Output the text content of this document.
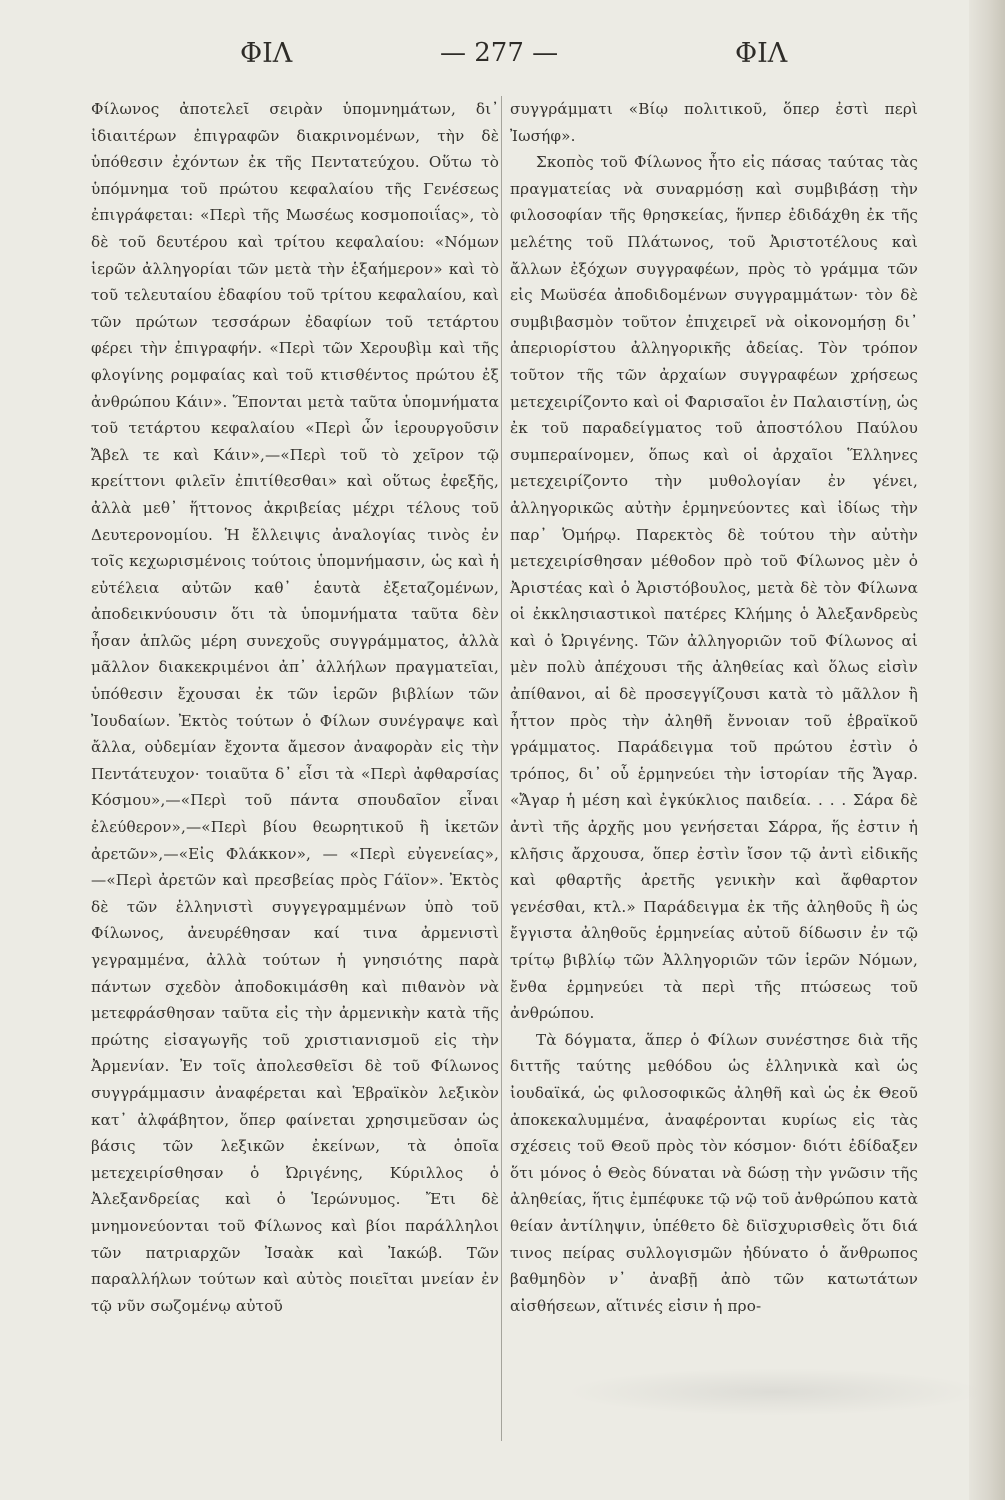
ΦΙΛ	— 277 —	ΦΙΛ

Φίλωνος ἀποτελεῖ σειρὰν ὑπομνημάτων, δι᾿ ἰδιαιτέρων ἐπιγραφῶν διακρινομένων, τὴν δὲ ὑπόθεσιν ἐχόντων ἐκ τῆς Πεντατεύχου. Οὕτω τὸ ὑπόμνημα τοῦ πρώτου κεφαλαίου τῆς Γενέσεως ἐπιγράφεται: «Περὶ τῆς Μωσέως κοσμοποιΐας», τὸ δὲ τοῦ δευτέρου καὶ τρίτου κεφαλαίου: «Νόμων ἱερῶν ἀλληγορίαι τῶν μετὰ τὴν ἑξαήμερον» καὶ τὸ τοῦ τελευταίου ἐδαφίου τοῦ τρίτου κεφαλαίου, καὶ τῶν πρώτων τεσσάρων ἐδαφίων τοῦ τετάρτου φέρει τὴν ἐπιγραφήν. «Περὶ τῶν Χερουβὶμ καὶ τῆς φλογίνης ρομφαίας καὶ τοῦ κτισθέντος πρώτου ἐξ ἀνθρώπου Κάιν». Ἕπονται μετὰ ταῦτα ὑπομνήματα τοῦ τετάρτου κεφαλαίου «Περὶ ὧν ἱερουργοῦσιν Ἄβελ τε καὶ Κάιν»,—«Περὶ τοῦ τὸ χεῖρον τῷ κρείττονι φιλεῖν ἐπιτίθεσθαι» καὶ οὕτως ἐφεξῆς, ἀλλὰ μεθ᾿ ἥττονος ἀκριβείας μέχρι τέλους τοῦ Δευτερονομίου. Ἡ ἔλλειψις ἀναλογίας τινὸς ἐν τοῖς κεχωρισμένοις τούτοις ὑπομνήμασιν, ὡς καὶ ἡ εὐτέλεια αὐτῶν καθ᾿ ἑαυτὰ ἐξεταζομένων, ἀποδεικνύουσιν ὅτι τὰ ὑπομνήματα ταῦτα δὲν ἦσαν ἁπλῶς μέρη συνεχοῦς συγγράμματος, ἀλλὰ μᾶλλον διακεκριμένοι ἀπ᾿ ἀλλήλων πραγματεῖαι, ὑπόθεσιν ἔχουσαι ἐκ τῶν ἱερῶν βιβλίων τῶν Ἰουδαίων. Ἐκτὸς τούτων ὁ Φίλων συνέγραψε καὶ ἄλλα, οὐδεμίαν ἔχοντα ἄμεσον ἀναφορὰν εἰς τὴν Πεντάτευχον· τοιαῦτα δ᾿ εἶσι τὰ «Περὶ ἀφθαρσίας Κόσμου»,—«Περὶ τοῦ πάντα σπουδαῖον εἶναι ἐλεύθερον»,—«Περὶ βίου θεωρητικοῦ ἢ ἱκετῶν ἀρετῶν»,—«Εἰς Φλάκκον», — «Περὶ εὐγενείας»,—«Περὶ ἀρετῶν καὶ πρεσβείας πρὸς Γάϊον». Ἐκτὸς δὲ τῶν ἑλληνιστὶ συγγεγραμμένων ὑπὸ τοῦ Φίλωνος, ἀνευρέθησαν καί τινα ἀρμενιστὶ γεγραμμένα, ἀλλὰ τούτων ἡ γνησιότης παρὰ πάντων σχεδὸν ἀποδοκιμάσθη καὶ πιθανὸν νὰ μετεφράσθησαν ταῦτα εἰς τὴν ἀρμενικὴν κατὰ τῆς πρώτης εἰσαγωγῆς τοῦ χριστιανισμοῦ εἰς τὴν Ἀρμενίαν. Ἐν τοῖς ἀπολεσθεῖσι δὲ τοῦ Φίλωνος συγγράμμασιν ἀναφέρεται καὶ Ἑβραϊκὸν λεξικὸν κατ᾿ ἀλφάβητον, ὅπερ φαίνεται χρησιμεῦσαν ὡς βάσις τῶν λεξικῶν ἐκείνων, τὰ ὁποῖα μετεχειρίσθησαν ὁ Ὠριγένης, Κύριλλος ὁ Ἀλεξανδρείας καὶ ὁ Ἱερώνυμος. Ἔτι δὲ μνημονεύονται τοῦ Φίλωνος καὶ βίοι παράλληλοι τῶν πατριαρχῶν Ἰσαὰκ καὶ Ἰακώβ. Τῶν παραλλήλων τούτων καὶ αὐτὸς ποιεῖται μνείαν ἐν τῷ νῦν σωζομένῳ αὐτοῦ

συγγράμματι «Βίῳ πολιτικοῦ, ὅπερ ἐστὶ περὶ Ἰωσήφ».

Σκοπὸς τοῦ Φίλωνος ἦτο εἰς πάσας ταύτας τὰς πραγματείας νὰ συναρμόσῃ καὶ συμβιβάσῃ τὴν φιλοσοφίαν τῆς θρησκείας, ἥνπερ ἐδιδάχθη ἐκ τῆς μελέτης τοῦ Πλάτωνος, τοῦ Ἀριστοτέλους καὶ ἄλλων ἐξόχων συγγραφέων, πρὸς τὸ γράμμα τῶν εἰς Μωϋσέα ἀποδιδομένων συγγραμμάτων· τὸν δὲ συμβιβασμὸν τοῦτον ἐπιχειρεῖ νὰ οἰκονομήσῃ δι᾿ ἀπεριορίστου ἀλληγορικῆς ἀδείας. Τὸν τρόπον τοῦτον τῆς τῶν ἀρχαίων συγγραφέων χρήσεως μετεχειρίζοντο καὶ οἱ Φαρισαῖοι ἐν Παλαιστίνῃ, ὡς ἐκ τοῦ παραδείγματος τοῦ ἀποστόλου Παύλου συμπεραίνομεν, ὅπως καὶ οἱ ἀρχαῖοι Ἕλληνες μετεχειρίζοντο τὴν μυθολογίαν ἐν γένει, ἀλληγορικῶς αὐτὴν ἑρμηνεύοντες καὶ ἰδίως τὴν παρ᾿ Ὁμήρῳ. Παρεκτὸς δὲ τούτου τὴν αὐτὴν μετεχειρίσθησαν μέθοδον πρὸ τοῦ Φίλωνος μὲν ὁ Ἀριστέας καὶ ὁ Ἀριστόβουλος, μετὰ δὲ τὸν Φίλωνα οἱ ἐκκλησιαστικοὶ πατέρες Κλήμης ὁ Ἀλεξανδρεὺς καὶ ὁ Ὠριγένης. Τῶν ἀλληγοριῶν τοῦ Φίλωνος αἱ μὲν πολὺ ἀπέχουσι τῆς ἀληθείας καὶ ὅλως εἰσὶν ἀπίθανοι, αἱ δὲ προσεγγίζουσι κατὰ τὸ μᾶλλον ἢ ἧττον πρὸς τὴν ἀληθῆ ἔννοιαν τοῦ ἑβραϊκοῦ γράμματος. Παράδειγμα τοῦ πρώτου ἐστὶν ὁ τρόπος, δι᾿ οὗ ἑρμηνεύει τὴν ἱστορίαν τῆς Ἄγαρ. «Ἄγαρ ἡ μέση καὶ ἐγκύκλιος παιδεία. . . . Σάρα δὲ ἀντὶ τῆς ἀρχῆς μου γενήσεται Σάρρα, ἥς ἐστιν ἡ κλῆσις ἄρχουσα, ὅπερ ἐστὶν ἴσον τῷ ἀντὶ εἰδικῆς καὶ φθαρτῆς ἀρετῆς γενικὴν καὶ ἄφθαρτον γενέσθαι, κτλ.» Παράδειγμα ἐκ τῆς ἀληθοῦς ἢ ὡς ἔγγιστα ἀληθοῦς ἑρμηνείας αὐτοῦ δίδωσιν ἐν τῷ τρίτῳ βιβλίῳ τῶν Ἀλληγοριῶν τῶν ἱερῶν Νόμων, ἔνθα ἑρμηνεύει τὰ περὶ τῆς πτώσεως τοῦ ἀνθρώπου.

Τὰ δόγματα, ἅπερ ὁ Φίλων συνέστησε διὰ τῆς διττῆς ταύτης μεθόδου ὡς ἑλληνικὰ καὶ ὡς ἰουδαϊκά, ὡς φιλοσοφικῶς ἀληθῆ καὶ ὡς ἐκ Θεοῦ ἀποκεκαλυμμένα, ἀναφέρονται κυρίως εἰς τὰς σχέσεις τοῦ Θεοῦ πρὸς τὸν κόσμον· διότι ἐδίδαξεν ὅτι μόνος ὁ Θεὸς δύναται νὰ δώσῃ τὴν γνῶσιν τῆς ἀληθείας, ἥτις ἐμπέφυκε τῷ νῷ τοῦ ἀνθρώπου κατὰ θείαν ἀντίληψιν, ὑπέθετο δὲ διϊσχυρισθεὶς ὅτι διά τινος πείρας συλλογισμῶν ἠδύνατο ὁ ἄνθρωπος βαθμηδὸν ν᾿ ἀναβῇ ἀπὸ τῶν κατωτάτων αἰσθήσεων, αἵτινές εἰσιν ἡ προ-
